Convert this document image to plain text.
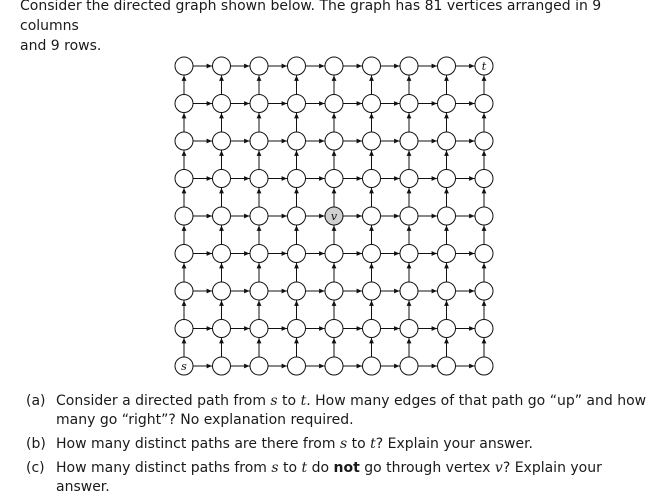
Consider the directed graph shown below. The graph has 81 vertices arranged in 9 columns
and 9 rows.

s
v
t
(a) Consider a directed path from s to t. How many edges of that path go “up” and how many go “right”? No explanation required.
(b) How many distinct paths are there from s to t? Explain your answer.
(c) How many distinct paths from s to t do not go through vertex v? Explain your answer.
